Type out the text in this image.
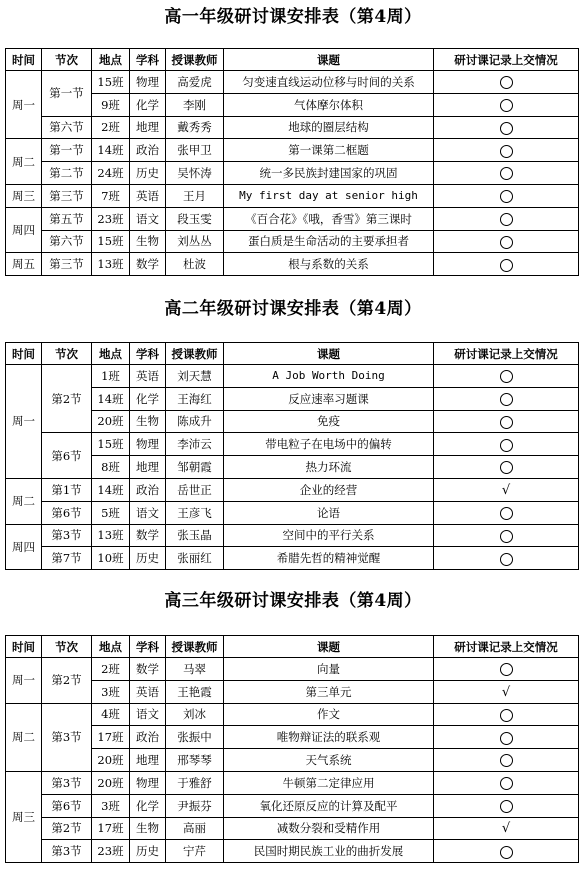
高一年级研讨课安排表（第4周）
时间	节次	地点	学科	授课教师	课题	研讨课记录上交情况
周一	第一节	15班	物理	高爱虎	匀变速直线运动位移与时间的关系	
		9班	化学	李刚	气体摩尔体积	
	第六节	2班	地理	戴秀秀	地球的圈层结构	
周二	第一节	14班	政治	张甲卫	第一课第二框题	
	第二节	24班	历史	吴怀涛	统一多民族封建国家的巩固	
周三	第三节	7班	英语	王月	My first day at senior high	
周四	第五节	23班	语文	段玉雯	《百合花》《哦，香雪》第三课时	
	第六节	15班	生物	刘丛丛	蛋白质是生命活动的主要承担者	
周五	第三节	13班	数学	杜波	根与系数的关系	
高二年级研讨课安排表（第4周）
时间	节次	地点	学科	授课教师	课题	研讨课记录上交情况
周一	第2节	1班	英语	刘天慧	A Job Worth Doing	
		14班	化学	王海红	反应速率习题课	
		20班	生物	陈成升	免疫	
	第6节	15班	物理	李沛云	带电粒子在电场中的偏转	
		8班	地理	邹朝霞	热力环流	
周二	第1节	14班	政治	岳世正	企业的经营	√
	第6节	5班	语文	王彦飞	论语	
周四	第3节	13班	数学	张玉晶	空间中的平行关系	
	第7节	10班	历史	张丽红	希腊先哲的精神觉醒	
高三年级研讨课安排表（第4周）
时间	节次	地点	学科	授课教师	课题	研讨课记录上交情况
周一	第2节	2班	数学	马翠	向量	
		3班	英语	王艳霞	第三单元	√
周二	第3节	4班	语文	刘冰	作文	
		17班	政治	张振中	唯物辩证法的联系观	
		20班	地理	邢琴琴	天气系统	
周三	第3节	20班	物理	于雅舒	牛顿第二定律应用	
	第6节	3班	化学	尹振芬	氧化还原反应的计算及配平	
	第2节	17班	生物	高丽	减数分裂和受精作用	√
	第3节	23班	历史	宁芹	民国时期民族工业的曲折发展	
